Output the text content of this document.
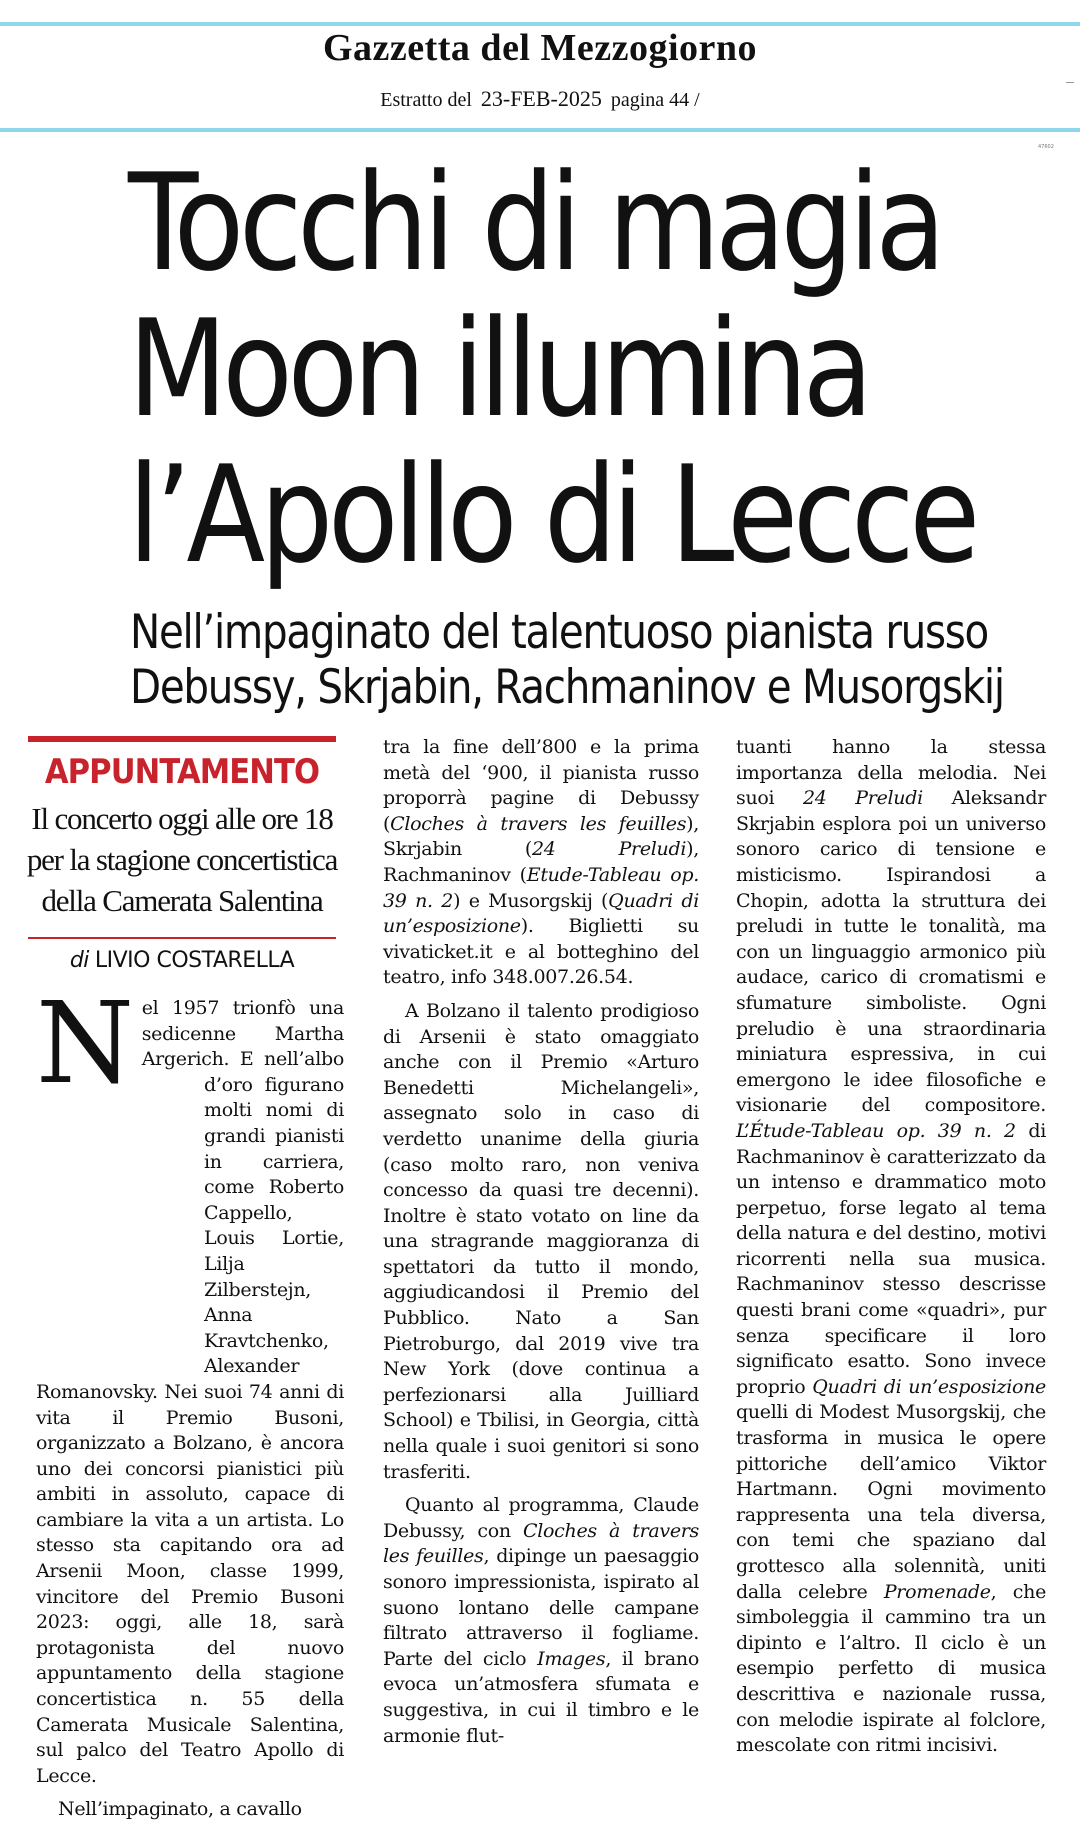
Gazzetta del Mezzogiorno
Estratto del 23-FEB-2025 pagina 44 /
47602
Tocchi di magia
Moon illumina
l’Apollo di Lecce
Nell’impaginato del talentuoso pianista russo
Debussy, Skrjabin, Rachmaninov e Musorgskij
APPUNTAMENTO
Il concerto oggi alle ore 18
per la stagione concertistica
della Camerata Salentina
di LIVIO COSTARELLA

N el 1957 trionfò una sedicenne Martha Argerich. E nell’albo d’oro figurano molti nomi di grandi pianisti in carriera, come Roberto Cappello, Louis Lortie, Lilja Zilberstejn, Anna Kravtchenko, Alexander Romanovsky. Nei suoi 74 anni di vita il Premio Busoni, organizzato a Bolzano, è ancora uno dei concorsi pianistici più ambiti in assoluto, capace di cambiare la vita a un artista. Lo stesso sta capitando ora ad Arsenii Moon, classe 1999, vincitore del Premio Busoni 2023: oggi, alle 18, sarà protagonista del nuovo appuntamento della stagione concertistica n. 55 della Camerata Musicale Salentina, sul palco del Teatro Apollo di Lecce.

Nell’impaginato, a cavallo

tra la fine dell’800 e la prima metà del ‘900, il pianista russo proporrà pagine di Debussy (Cloches à travers les feuilles), Skrjabin (24 Preludi), Rachmaninov (Etude-Tableau op. 39 n. 2) e Musorgskij (Quadri di un’esposizione). Biglietti su vivaticket.it e al botteghino del teatro, info 348.007.26.54.

A Bolzano il talento prodigioso di Arsenii è stato omaggiato anche con il Premio «Arturo Benedetti Michelangeli», assegnato solo in caso di verdetto unanime della giuria (caso molto raro, non veniva concesso da quasi tre decenni). Inoltre è stato votato on line da una stragrande maggioranza di spettatori da tutto il mondo, aggiudicandosi il Premio del Pubblico. Nato a San Pietroburgo, dal 2019 vive tra New York (dove continua a perfezionarsi alla Juilliard School) e Tbilisi, in Georgia, città nella quale i suoi genitori si sono trasferiti.

Quanto al programma, Claude Debussy, con Cloches à travers les feuilles, dipinge un paesaggio sonoro impressionista, ispirato al suono lontano delle campane filtrato attraverso il fogliame. Parte del ciclo Images, il brano evoca un’atmosfera sfumata e suggestiva, in cui il timbro e le armonie flut-

tuanti hanno la stessa importanza della melodia. Nei suoi 24 Preludi Aleksandr Skrjabin esplora poi un universo sonoro carico di tensione e misticismo. Ispirandosi a Chopin, adotta la struttura dei preludi in tutte le tonalità, ma con un linguaggio armonico più audace, carico di cromatismi e sfumature simboliste. Ogni preludio è una straordinaria miniatura espressiva, in cui emergono le idee filosofiche e visionarie del compositore. L’Étude-Tableau op. 39 n. 2 di Rachmaninov è caratterizzato da un intenso e drammatico moto perpetuo, forse legato al tema della natura e del destino, motivi ricorrenti nella sua musica. Rachmaninov stesso descrisse questi brani come «quadri», pur senza specificare il loro significato esatto. Sono invece proprio Quadri di un’esposizione quelli di Modest Musorgskij, che trasforma in musica le opere pittoriche dell’amico Viktor Hartmann. Ogni movimento rappresenta una tela diversa, con temi che spaziano dal grottesco alla solennità, uniti dalla celebre Promenade, che simboleggia il cammino tra un dipinto e l’altro. Il ciclo è un esempio perfetto di musica descrittiva e nazionale russa, con melodie ispirate al folclore, mescolate con ritmi incisivi.
